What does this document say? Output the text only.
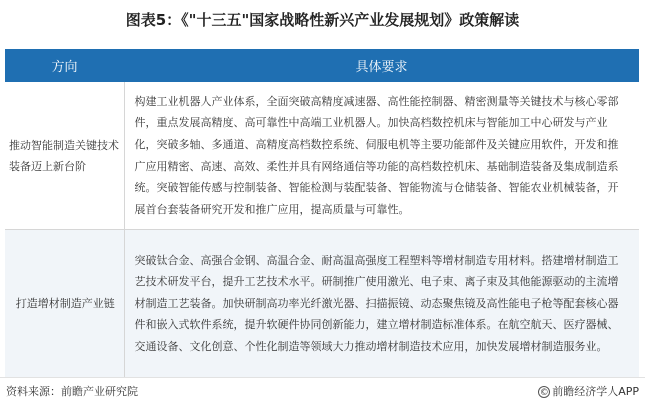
图表5：《"十三五"国家战略性新兴产业发展规划》政策解读
方向	具体要求
推动智能制造关键技术装备迈上新台阶	构建工业机器人产业体系，全面突破高精度减速器、高性能控制器、精密测量等关键技术与核心零部件，重点发展高精度、高可靠性中高端工业机器人。加快高档数控机床与智能加工中心研发与产业化，突破多轴、多通道、高精度高档数控系统、伺服电机等主要功能部件及关键应用软件，开发和推广应用精密、高速、高效、柔性并具有网络通信等功能的高档数控机床、基础制造装备及集成制造系统。突破智能传感与控制装备、智能检测与装配装备、智能物流与仓储装备、智能农业机械装备，开展首台套装备研究开发和推广应用，提高质量与可靠性。
打造增材制造产业链	突破钛合金、高强合金钢、高温合金、耐高温高强度工程塑料等增材制造专用材料。搭建增材制造工艺技术研发平台，提升工艺技术水平。研制推广使用激光、电子束、离子束及其他能源驱动的主流增材制造工艺装备。加快研制高功率光纤激光器、扫描振镜、动态聚焦镜及高性能电子枪等配套核心器件和嵌入式软件系统，提升软硬件协同创新能力，建立增材制造标准体系。在航空航天、医疗器械、交通设备、文化创意、个性化制造等领域大力推动增材制造技术应用，加快发展增材制造服务业。
资料来源：前瞻产业研究院	© 前瞻经济学人APP
